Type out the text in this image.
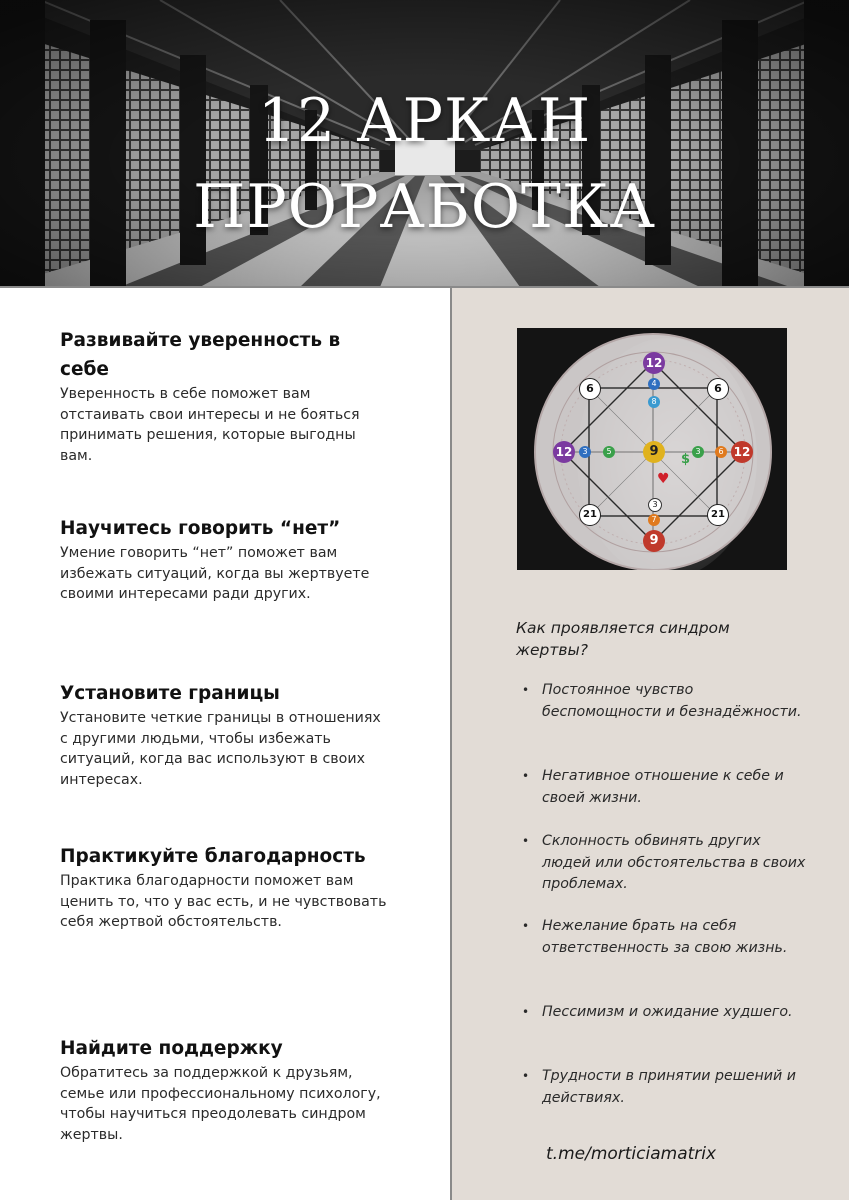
12 АРКАН
ПРОРАБОТКА
Развивайте уверенность в себе

Уверенность в себе поможет вам отстаивать свои интересы и не бояться принимать решения, которые выгодны вам.

Научитесь говорить “нет”

Умение говорить “нет” поможет вам избежать ситуаций, когда вы жертвуете своими интересами ради других.

Установите границы

Установите четкие границы в отношениях с другими людьми, чтобы избежать ситуаций, когда вас используют в своих интересах.

Практикуйте благодарность

Практика благодарности поможет вам ценить то, что у вас есть, и не чувствовать себя жертвой обстоятельств.

Найдите поддержку

Обратитесь за поддержкой к друзьям, семье или профессиональному психологу, чтобы научиться преодолевать синдром жертвы.

12
12	12
9
9
6	6
21	21
4
8
3	5	3	6
3
7
$
♥
Как проявляется синдром жертвы?
• Постоянное чувство беспомощности и безнадёжности.
• Негативное отношение к себе и своей жизни.
• Склонность обвинять других людей или обстоятельства в своих проблемах.
• Нежелание брать на себя ответственность за свою жизнь.
• Пессимизм и ожидание худшего.
• Трудности в принятии решений и действиях.
t.me/morticiamatrix
